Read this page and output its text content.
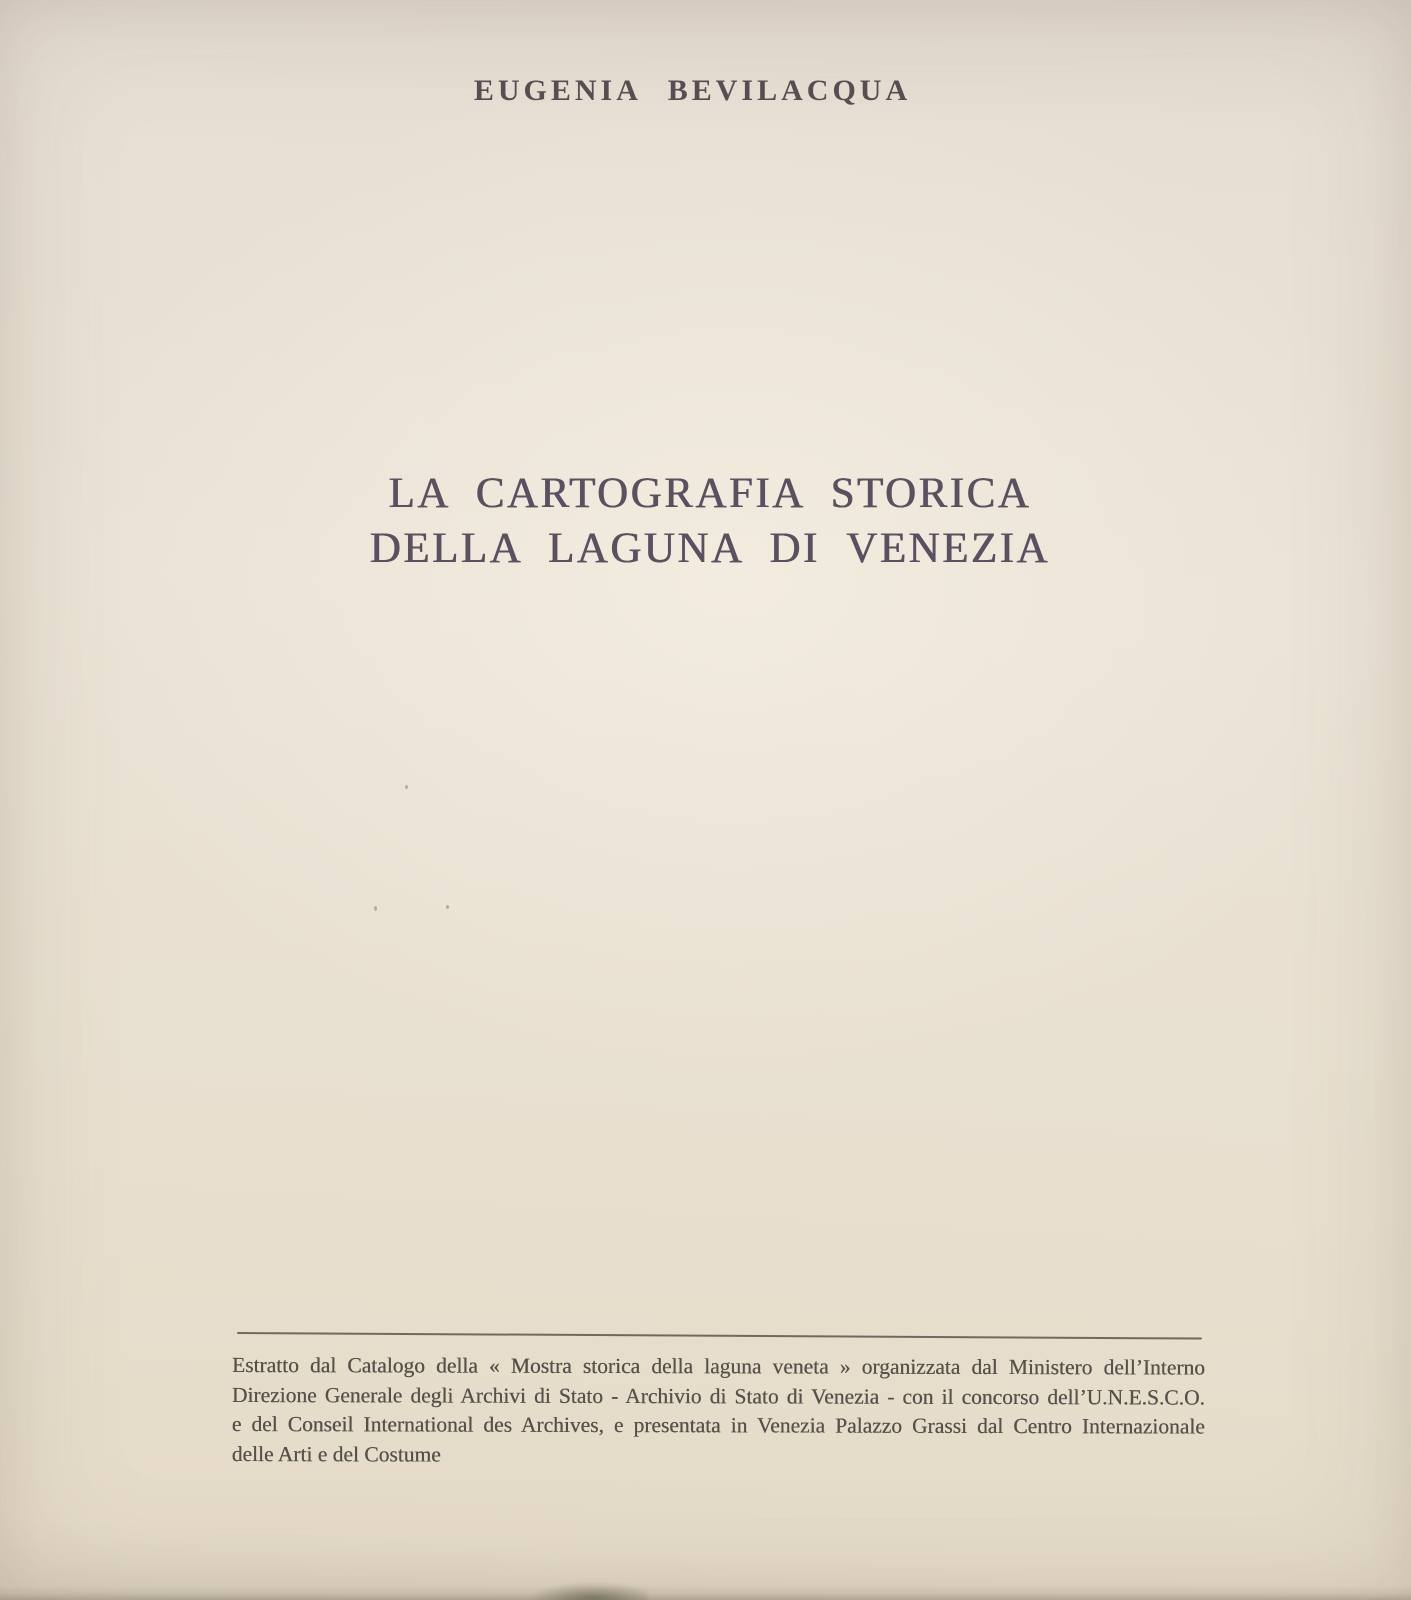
EUGENIA BEVILACQUA
LA CARTOGRAFIA STORICA
DELLA LAGUNA DI VENEZIA
Estratto dal Catalogo della « Mostra storica della laguna veneta » organizzata dal Ministero dell’Interno
Direzione Generale degli Archivi di Stato - Archivio di Stato di Venezia - con il concorso dell’U.N.E.S.C.O.
e del Conseil International des Archives, e presentata in Venezia Palazzo Grassi dal Centro Internazionale
delle Arti e del Costume
